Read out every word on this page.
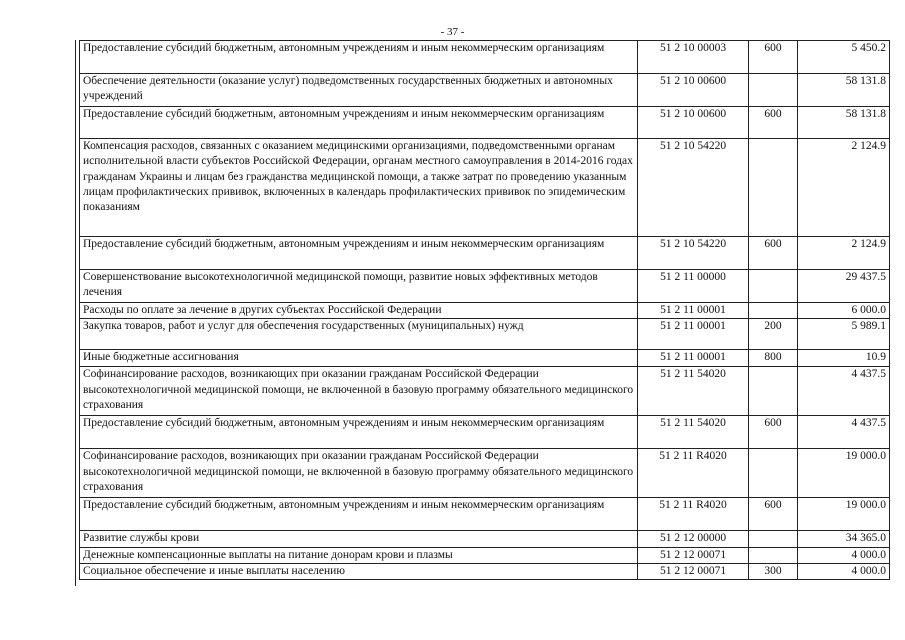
- 37 -
Предоставление субсидий бюджетным, автономным учреждениям и иным некоммерческим организациям	51 2 10 00003	600	5 450.2
Обеспечение деятельности (оказание услуг) подведомственных государственных бюджетных и автономных учреждений	51 2 10 00600		58 131.8
Предоставление субсидий бюджетным, автономным учреждениям и иным некоммерческим организациям	51 2 10 00600	600	58 131.8
Компенсация расходов, связанных с оказанием медицинскими организациями, подведомственными органам исполнительной власти субъектов Российской Федерации, органам местного самоуправления в 2014-2016 годах гражданам Украины и лицам без гражданства медицинской помощи, а также затрат по проведению указанным лицам профилактических прививок, включенных в календарь профилактических прививок по эпидемическим показаниям	51 2 10 54220		2 124.9
Предоставление субсидий бюджетным, автономным учреждениям и иным некоммерческим организациям	51 2 10 54220	600	2 124.9
Совершенствование высокотехнологичной медицинской помощи, развитие новых эффективных методов лечения	51 2 11 00000		29 437.5
Расходы по оплате за лечение в других субъектах Российской Федерации	51 2 11 00001		6 000.0
Закупка товаров, работ и услуг для обеспечения государственных (муниципальных) нужд	51 2 11 00001	200	5 989.1
Иные бюджетные ассигнования	51 2 11 00001	800	10.9
Софинансирование расходов, возникающих при оказании гражданам Российской Федерации высокотехнологичной медицинской помощи, не включенной в базовую программу обязательного медицинского страхования	51 2 11 54020		4 437.5
Предоставление субсидий бюджетным, автономным учреждениям и иным некоммерческим организациям	51 2 11 54020	600	4 437.5
Софинансирование расходов, возникающих при оказании гражданам Российской Федерации высокотехнологичной медицинской помощи, не включенной в базовую программу обязательного медицинского страхования	51 2 11 R4020		19 000.0
Предоставление субсидий бюджетным, автономным учреждениям и иным некоммерческим организациям	51 2 11 R4020	600	19 000.0
Развитие службы крови	51 2 12 00000		34 365.0
Денежные компенсационные выплаты на питание донорам крови и плазмы	51 2 12 00071		4 000.0
Социальное обеспечение и иные выплаты населению	51 2 12 00071	300	4 000.0
